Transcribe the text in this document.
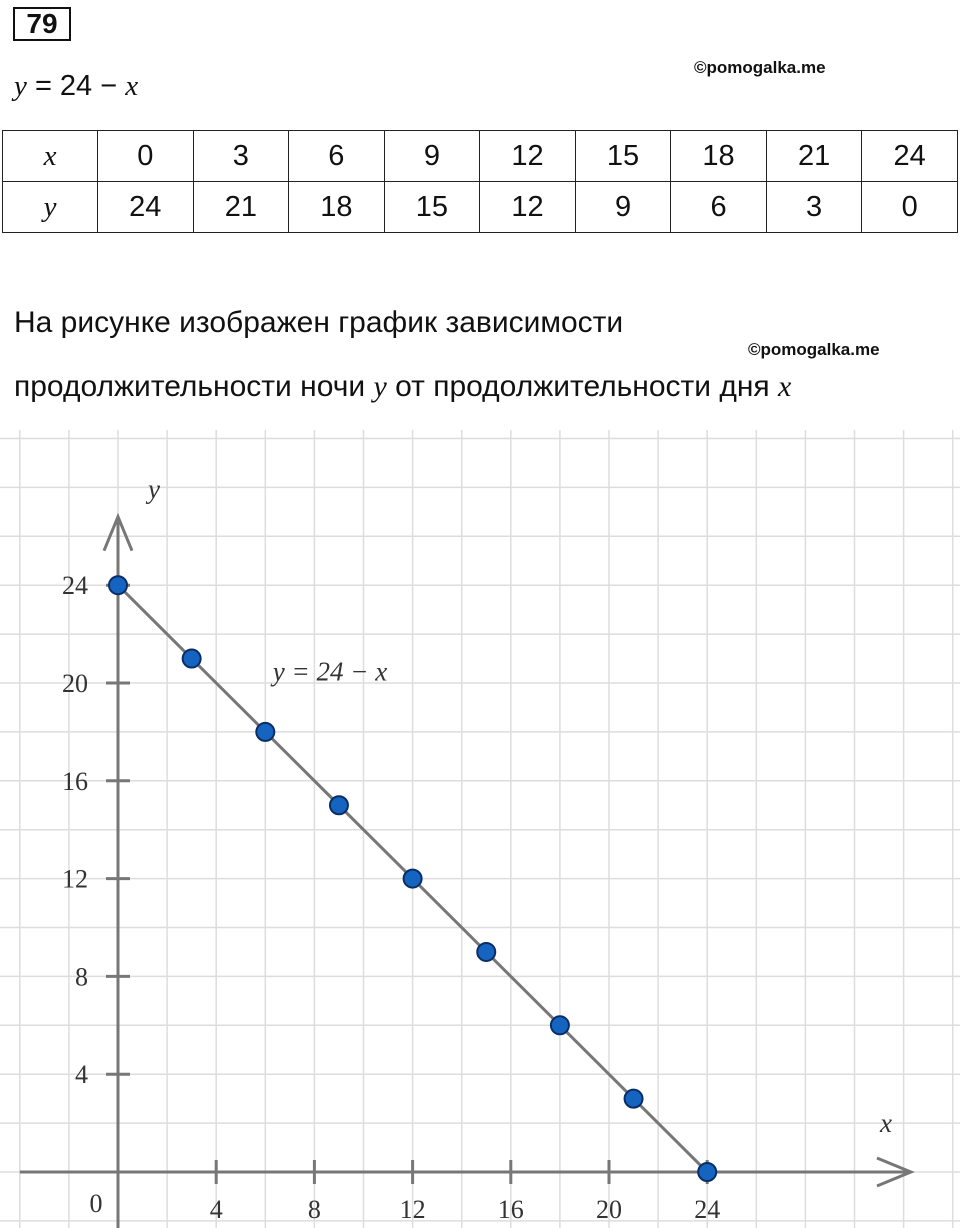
79
©pomogalka.me
y = 24 − x
x	0	3	6	9	12	15	18	21	24
y	24	21	18	15	12	9	6	3	0
На рисунке изображен график зависимости
©pomogalka.me
продолжительности ночи y от продолжительности дня x
4	8	12	16	20	24
4
8
12
16
20
24
0
x
y
y = 24 − x
